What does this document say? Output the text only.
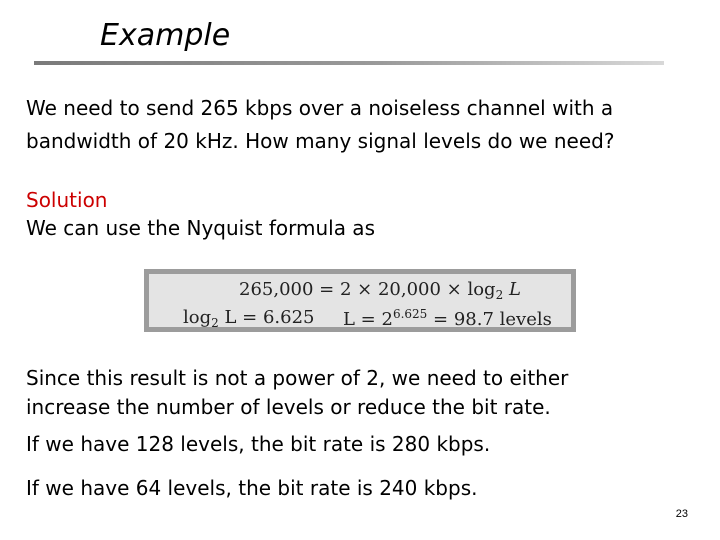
Example
We need to send 265 kbps over a noiseless channel with a
bandwidth of 20 kHz. How many signal levels do we need?
Solution
We can use the Nyquist formula as
$265,000 = 2 \times 20,000 \times \log_2 L$
$\log_2 L = 6.625$ $L = 2^{6.625} = 98.7$ levels
Since this result is not a power of 2, we need to either
increase the number of levels or reduce the bit rate.
If we have 128 levels, the bit rate is 280 kbps.
If we have 64 levels, the bit rate is 240 kbps.
23
